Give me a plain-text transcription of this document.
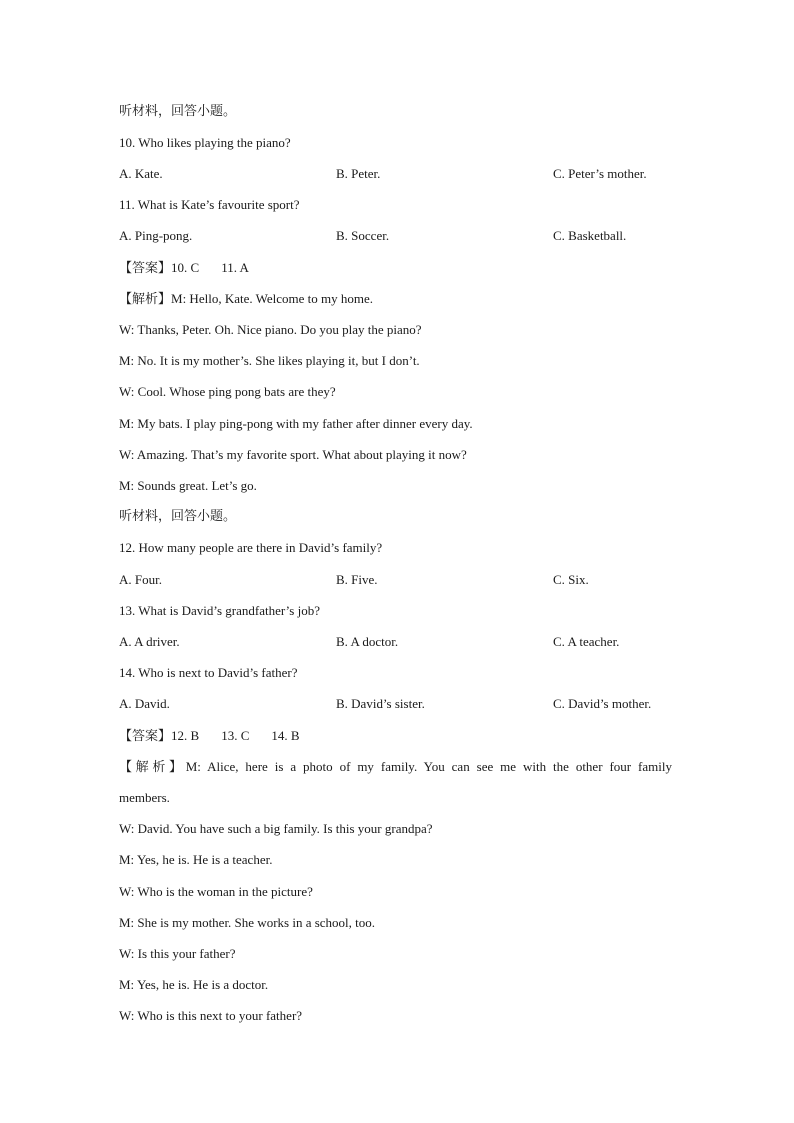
听材料，回答小题。
10. Who likes playing the piano?
A. Kate.	B. Peter.	C. Peter’s mother.
11. What is Kate’s favourite sport?
A. Ping-pong.	B. Soccer.	C. Basketball.
【答案】10. C 11. A
【解析】M: Hello, Kate. Welcome to my home.
W: Thanks, Peter. Oh. Nice piano. Do you play the piano?
M: No. It is my mother’s. She likes playing it, but I don’t.
W: Cool. Whose ping pong bats are they?
M: My bats. I play ping-pong with my father after dinner every day.
W: Amazing. That’s my favorite sport. What about playing it now?
M: Sounds great. Let’s go.
听材料，回答小题。
12. How many people are there in David’s family?
A. Four.	B. Five.	C. Six.
13. What is David’s grandfather’s job?
A. A driver.	B. A doctor.	C. A teacher.
14. Who is next to David’s father?
A. David.	B. David’s sister.	C. David’s mother.
【答案】12. B 13. C 14. B
【解析】M: Alice, here is a photo of my family. You can see me with the other four family
members.
W: David. You have such a big family. Is this your grandpa?
M: Yes, he is. He is a teacher.
W: Who is the woman in the picture?
M: She is my mother. She works in a school, too.
W: Is this your father?
M: Yes, he is. He is a doctor.
W: Who is this next to your father?
